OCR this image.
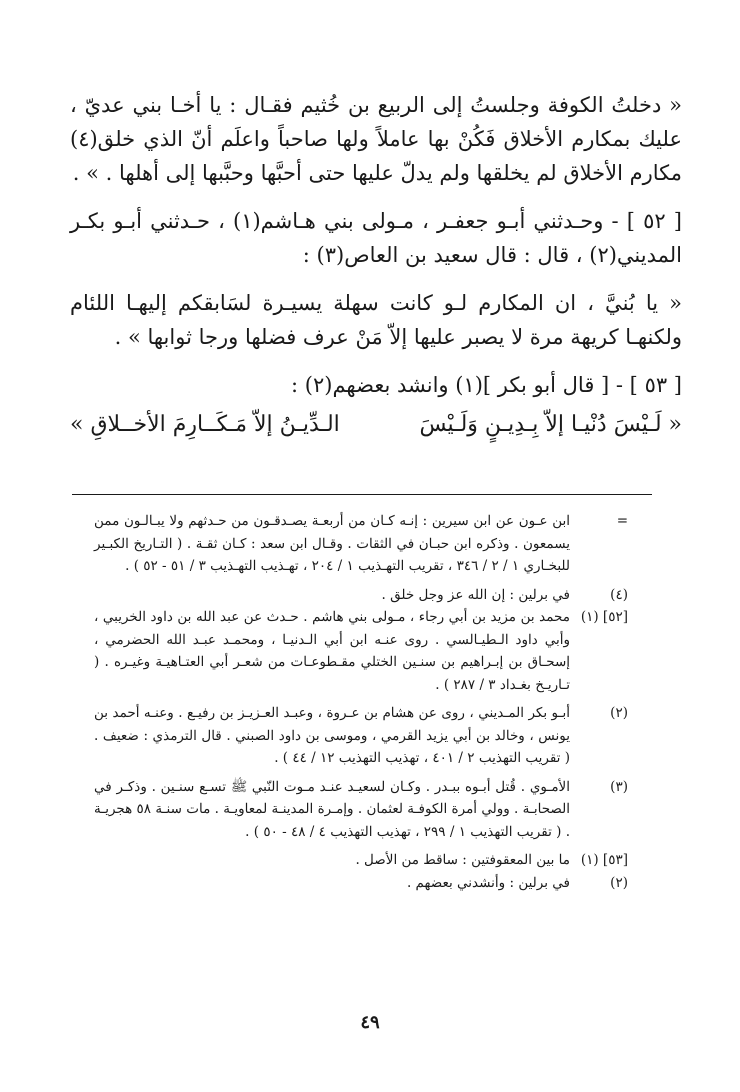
« دخلتُ الكوفة وجلستُ إلى الربيع بن خُثيم فقـال : يا أخـا بني عديّ ، عليك بمكارم الأخلاق فَكُنْ بها عاملاً ولها صاحباً واعلَم أنّ الذي خلق(٤) مكارم الأخلاق لم يخلقها ولم يدلّ عليها حتى أحبَّها وحبَّبها إلى أهلها . » .

[ ٥٢ ] - وحـدثني أبـو جعفـر ، مـولى بني هـاشم(١) ، حـدثني أبـو بكـر المديني(٢) ، قال : قال سعيد بن العاص(٣) :

« يا بُنيَّ ، ان المكارم لـو كانت سهلة يسيـرة لسَابقكم إليهـا اللئام ولكنهـا كريهة مرة لا يصبر عليها إلاّ مَنْ عرف فضلها ورجا ثوابها » .

[ ٥٣ ] - [ قال أبو بكر ](١) وانشد بعضهم(٢) :

« لَـيْسَ دُنْيـا إلاّ بِـدِيـنٍ وَلَـيْسَ
الـدِّيـنُ إلاّ مَـكَــارِمَ الأخــلاقِ »
=
ابن عـون عن ابن سيرين : إنـه كـان من أربعـة يصـدقـون من حـدثهم ولا يبـالـون ممن يسمعون . وذكره ابن حبـان في الثقات . وقـال ابن سعد : كـان ثقـة . ( التـاريخ الكبـير للبخـاري ١ / ٢ / ٣٤٦ ، تقريب التهـذيب ١ / ٢٠٤ ، تهـذيب التهـذيب ٣ / ٥١ - ٥٢ ) .
(٤)
في برلين : إن الله عز وجل خلق .
[٥٢] (١)
محمد بن مزيد بن أبي رجاء ، مـولى بني هاشم . حـدث عن عبد الله بن داود الخريبي ، وأبي داود الـطيـالسي . روى عنـه ابن أبي الـدنيـا ، ومحمـد عبـد الله الحضرمي ، إسحـاق بن إبـراهيم بن سنـين الختلي مقـطوعـات من شعـر أبي العتـاهيـة وغيـره . ( تـاريـخ بغـداد ٣ / ٢٨٧ ) .
(٢)
أبـو بكر المـديني ، روى عن هشام بن عـروة ، وعبـد العـزيـز بن رفيـع . وعنـه أحمد بن يونس ، وخالد بن أبي يزيد القرمي ، وموسى بن داود الصبني . قال الترمذي : ضعيف . ( تقريب التهذيب ٢ / ٤٠١ ، تهذيب التهذيب ١٢ / ٤٤ ) .
(٣)
الأمـوي . قُتل أبـوه ببـدر . وكـان لسعيـد عنـد مـوت النّبي ﷺ تسـع سنـين . وذكـر في الصحابـة . وولي أمرة الكوفـة لعثمان . وإمـرة المدينـة لمعاويـة . مات سنـة ٥٨ هجريـة . ( تقريب التهذيب ١ / ٢٩٩ ، تهذيب التهذيب ٤ / ٤٨ - ٥٠ ) .
[٥٣] (١)
ما بين المعقوفتين : ساقط من الأصل .
(٢)
في برلين : وأنشدني بعضهم .
٤٩
